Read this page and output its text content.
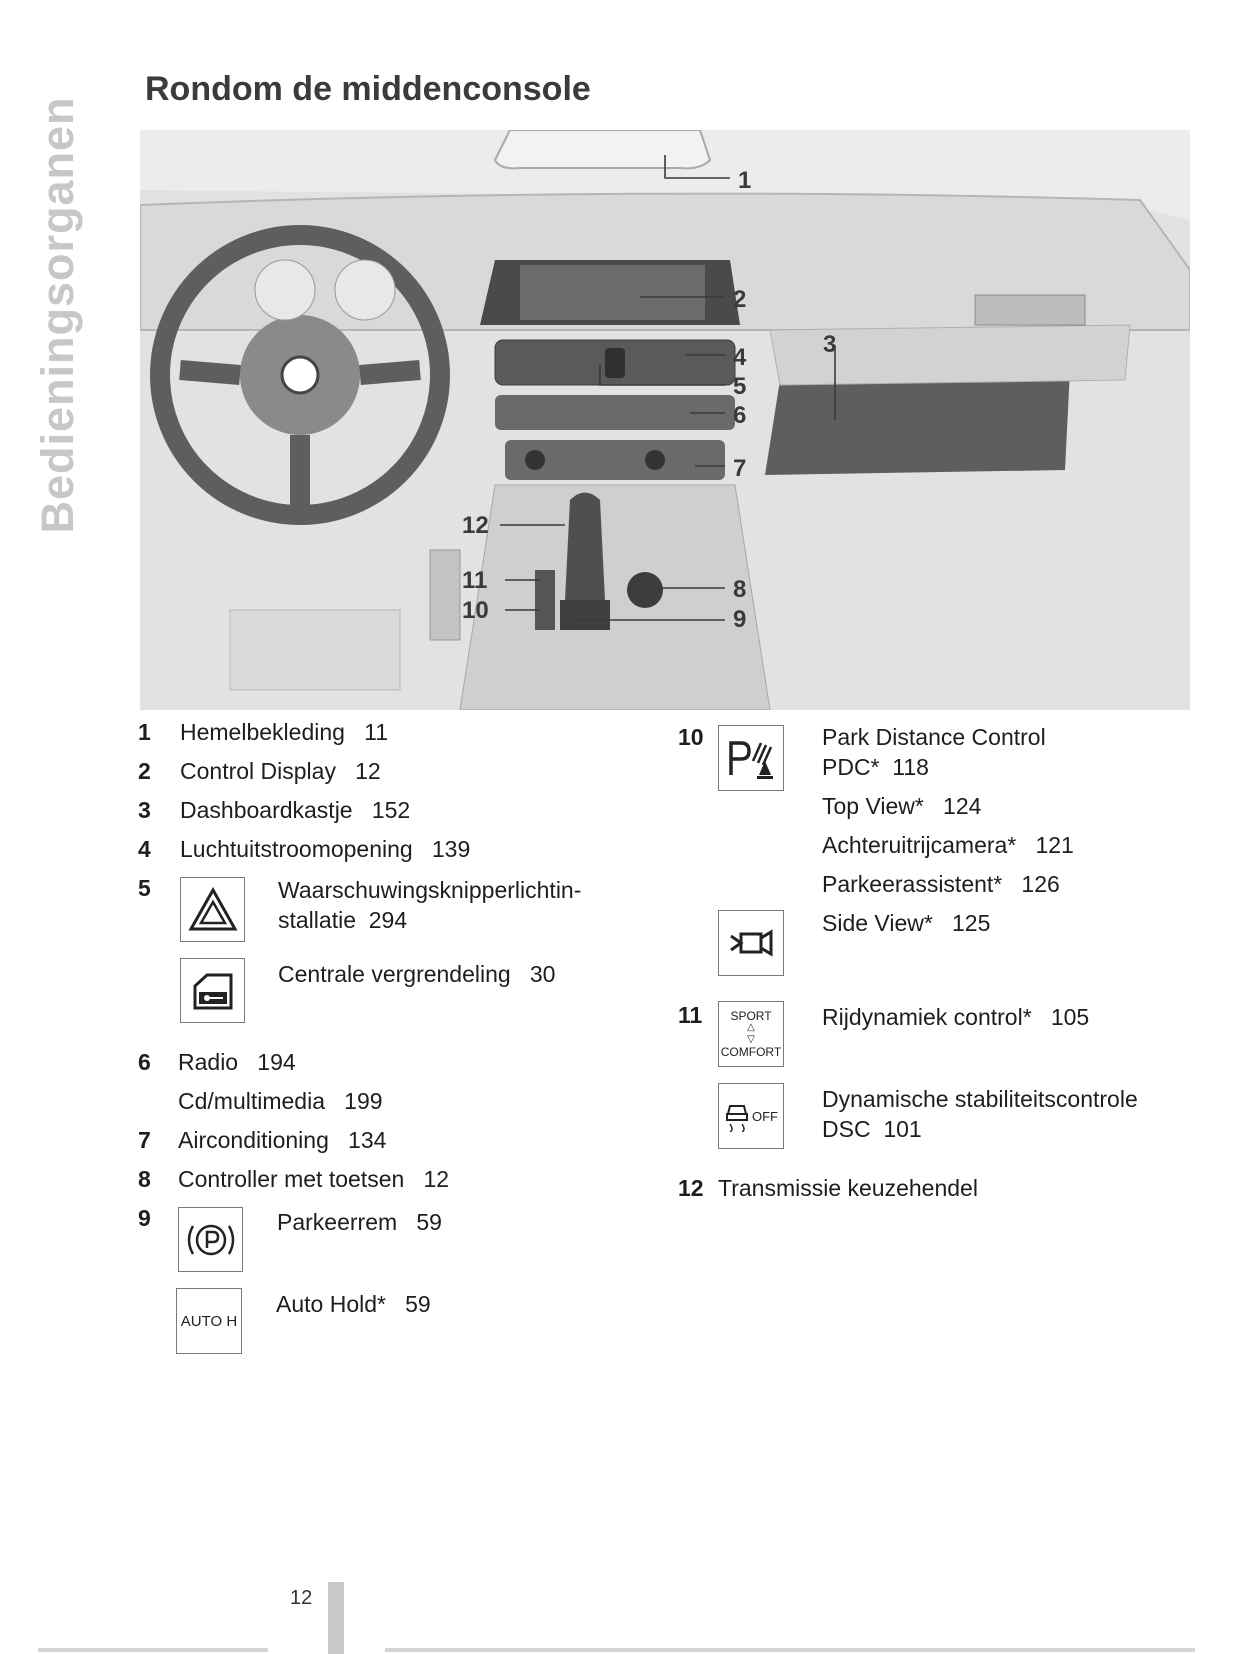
Bedieningsorganen
Rondom de middenconsole
1
2
3
4
5
6
7
8
9
10
11
12
1 Hemelbekleding 11
2 Control Display 12
3 Dashboardkastje 152
4 Luchtuitstroomopening 139
5	Waarschuwingsknipperlichtin-
stallatie 294
Centrale vergrendeling 30
6 Radio 194
Cd/multimedia 199
7 Airconditioning 134
8 Controller met toetsen 12
9	Parkeerrem 59
AUTO H
Auto Hold* 59
10	Park Distance Control
PDC* 118
Top View* 124
Achteruitrijcamera* 121
Parkeerassistent* 126
Side View* 125
11 SPORT
△
▽
COMFORT
Rijdynamiek control* 105
OFF
Dynamische stabiliteitscontrole
DSC 101
12 Transmissie keuzehendel
12
